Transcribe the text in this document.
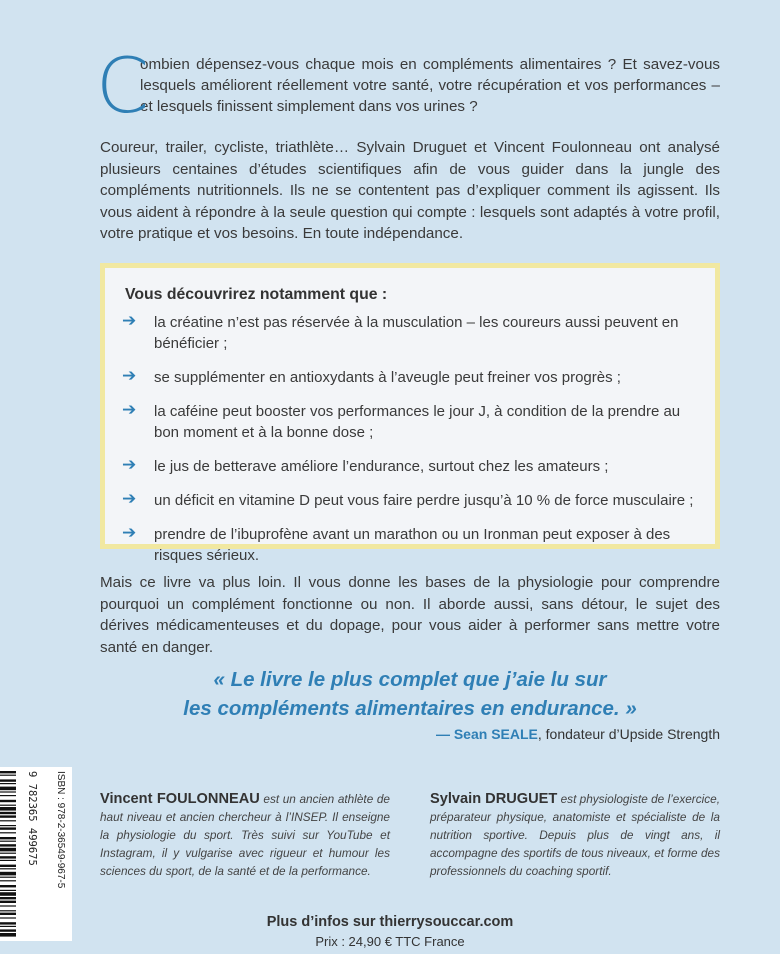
C

ombien dépensez-vous chaque mois en compléments alimentaires ? Et savez-vous lesquels améliorent réellement votre santé, votre récupération et vos performances – et lesquels finissent simplement dans vos urines ?

Coureur, trailer, cycliste, triathlète… Sylvain Druguet et Vincent Foulonneau ont analysé plusieurs centaines d’études scientifiques afin de vous guider dans la jungle des compléments nutritionnels. Ils ne se contentent pas d’expliquer comment ils agissent. Ils vous aident à répondre à la seule question qui compte : lesquels sont adaptés à votre profil, votre pratique et vos besoins. En toute indépendance.

Vous découvrirez notamment que :

➔ la créatine n’est pas réservée à la musculation – les coureurs aussi peuvent en bénéficier ;
➔ se supplémenter en antioxydants à l’aveugle peut freiner vos progrès ;
➔ la caféine peut booster vos performances le jour J, à condition de la prendre au bon moment et à la bonne dose ;
➔ le jus de betterave améliore l’endurance, surtout chez les amateurs ;
➔ un déficit en vitamine D peut vous faire perdre jusqu’à 10 % de force musculaire ;
➔ prendre de l’ibuprofène avant un marathon ou un Ironman peut exposer à des risques sérieux.

Mais ce livre va plus loin. Il vous donne les bases de la physiologie pour comprendre pourquoi un complément fonctionne ou non. Il aborde aussi, sans détour, le sujet des dérives médicamenteuses et du dopage, pour vous aider à performer sans mettre votre santé en danger.

« Le livre le plus complet que j’aie lu sur
les compléments alimentaires en endurance. »

— Sean SEALE, fondateur d’Upside Strength

9 782365 499675 ISBN : 978-2-36549-967-5 Vincent FOULONNEAU est un ancien athlète de haut niveau et ancien chercheur à l’INSEP. Il enseigne la physiologie du sport. Très suivi sur YouTube et Instagram, il y vulgarise avec rigueur et humour les sciences du sport, de la santé et de la performance.

Sylvain DRUGUET est physiologiste de l’exercice, préparateur physique, anatomiste et spécialiste de la nutrition sportive. Depuis plus de vingt ans, il accompagne des sportifs de tous niveaux, et forme des professionnels du coaching sportif.

Plus d’infos sur thierrysouccar.com
Prix : 24,90 € TTC France
